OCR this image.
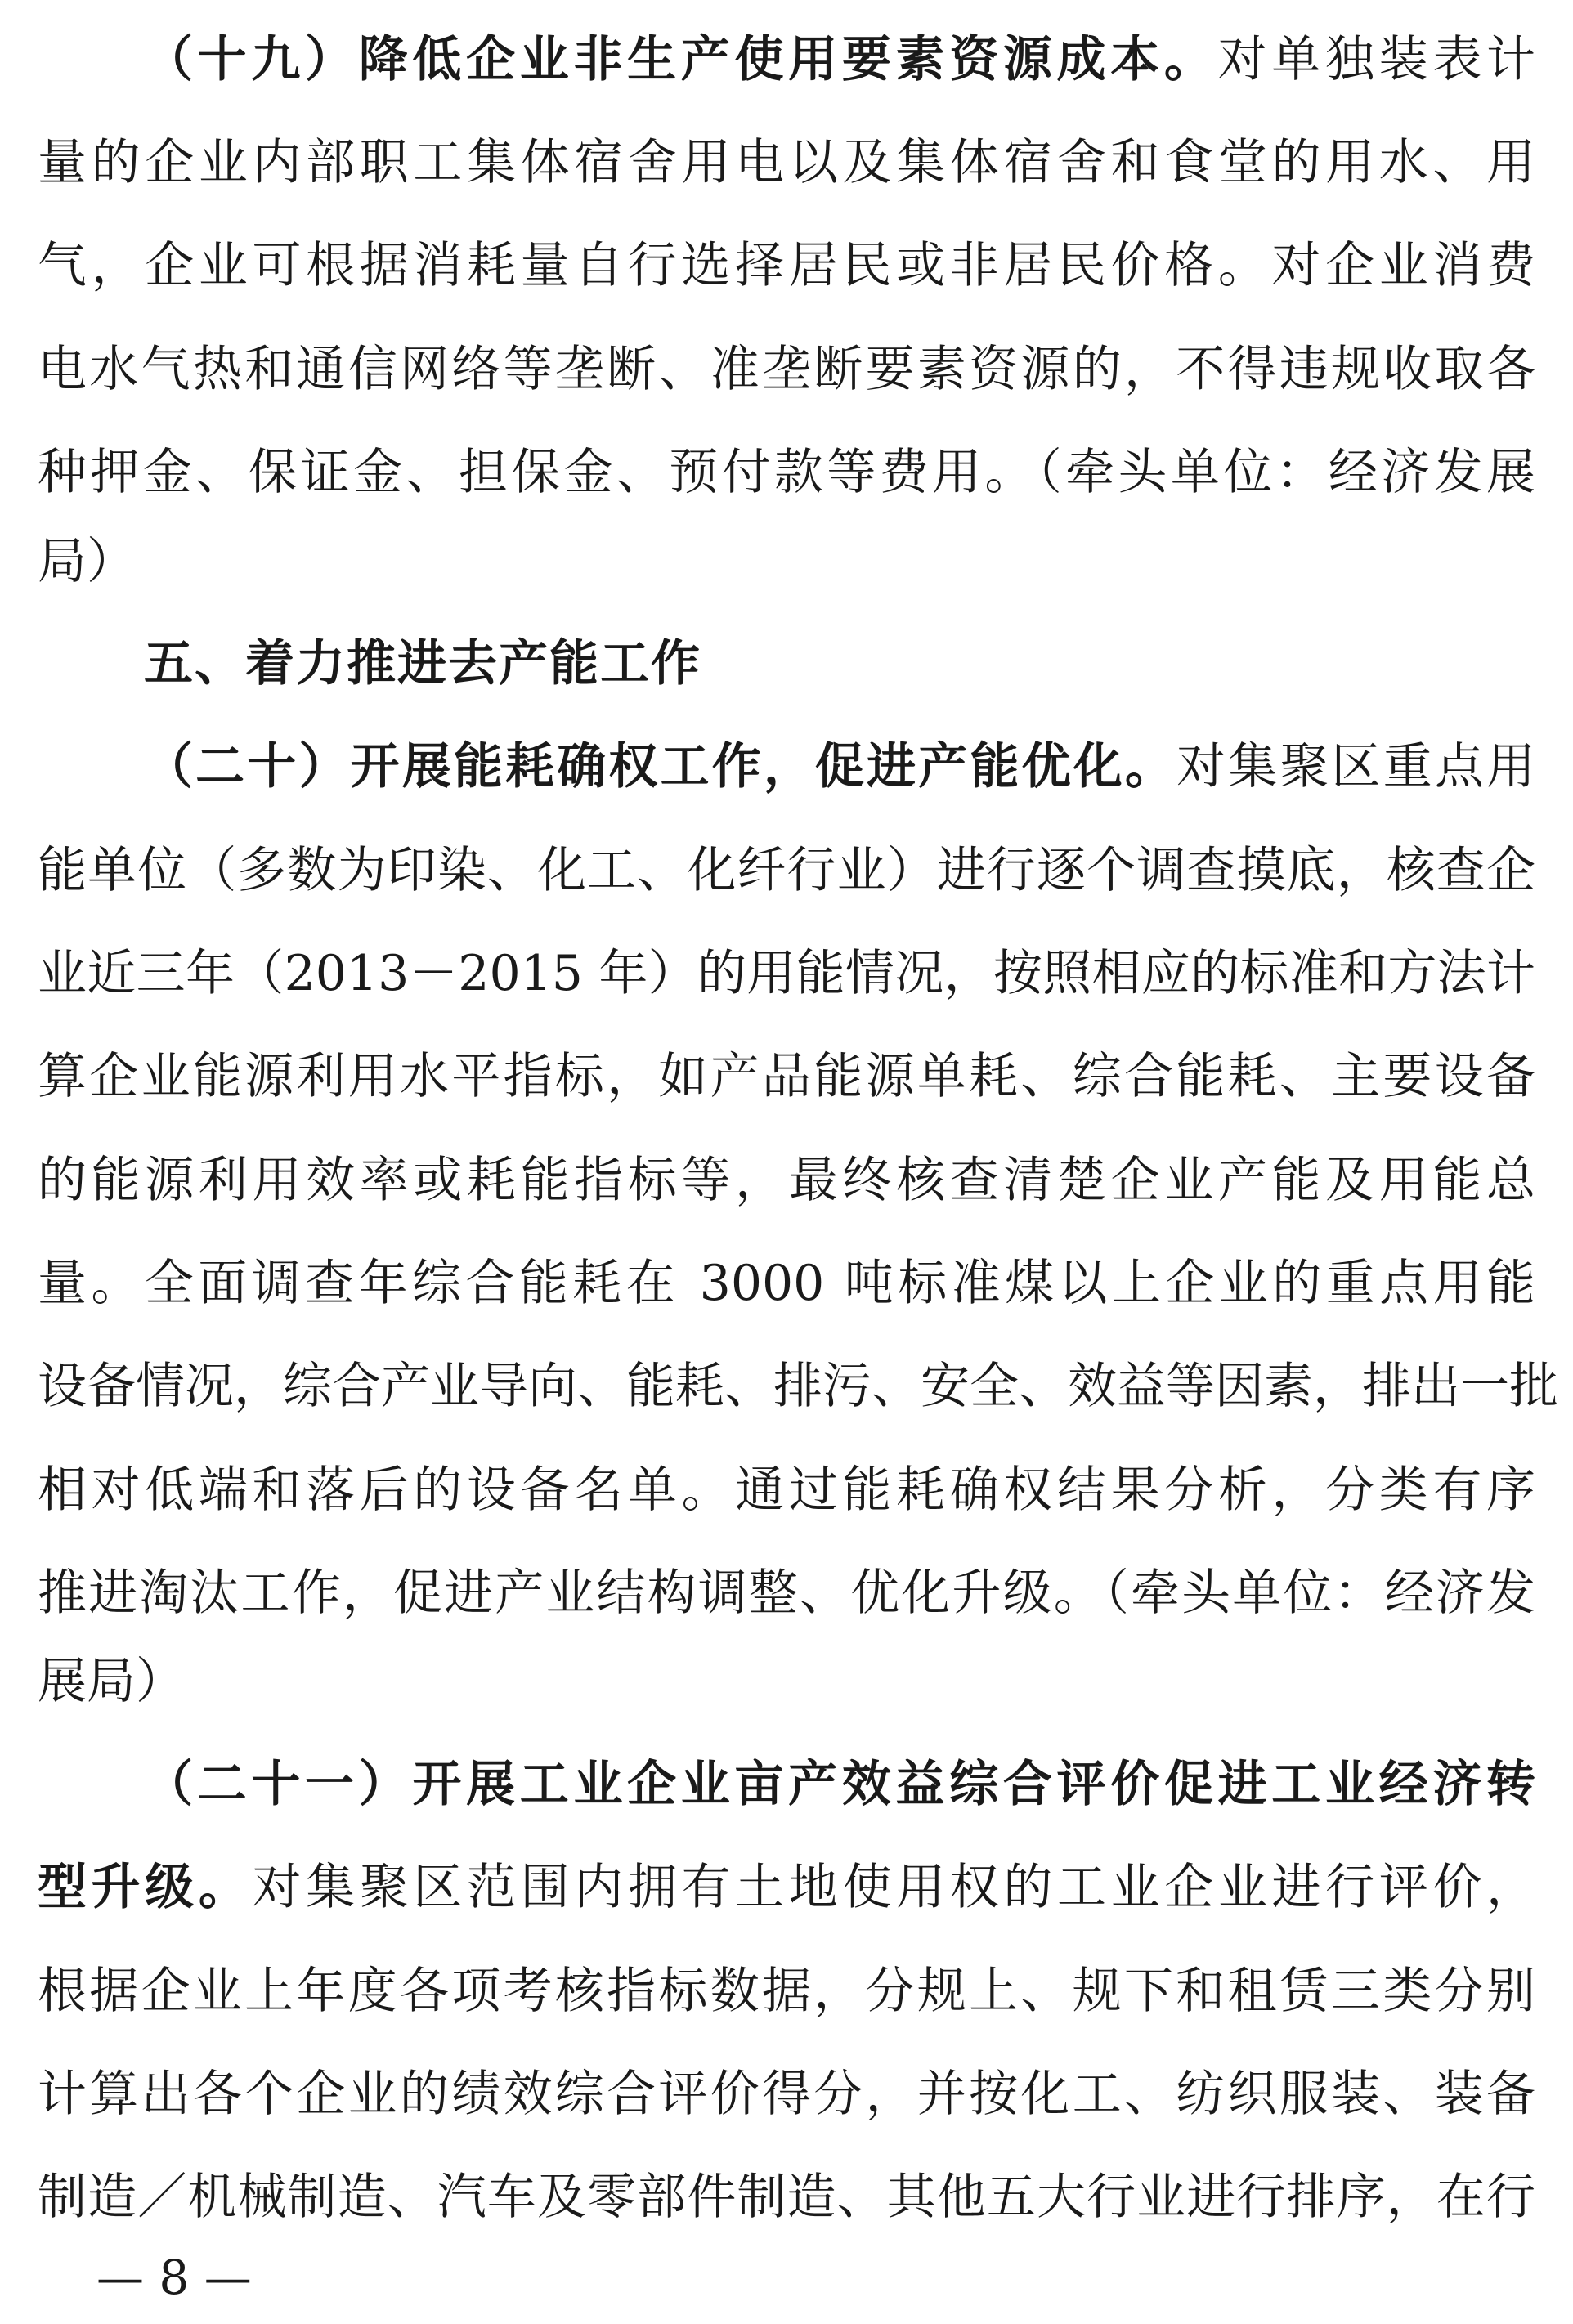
（十九）降低企业非生产使用要素资源成本。对单独装表计
量的企业内部职工集体宿舍用电以及集体宿舍和食堂的用水、用
气，企业可根据消耗量自行选择居民或非居民价格。对企业消费
电水气热和通信网络等垄断、准垄断要素资源的，不得违规收取各
种押金、保证金、担保金、预付款等费用。（牵头单位：经济发展
局）
五、着力推进去产能工作
（二十）开展能耗确权工作，促进产能优化。对集聚区重点用
能单位（多数为印染、化工、化纤行业）进行逐个调查摸底，核查企
业近三年（2013－2015 年）的用能情况，按照相应的标准和方法计
算企业能源利用水平指标，如产品能源单耗、综合能耗、主要设备
的能源利用效率或耗能指标等，最终核查清楚企业产能及用能总
量。全面调查年综合能耗在 3000 吨标准煤以上企业的重点用能
设备情况，综合产业导向、能耗、排污、安全、效益等因素，排出一批
相对低端和落后的设备名单。通过能耗确权结果分析，分类有序
推进淘汰工作，促进产业结构调整、优化升级。（牵头单位：经济发
展局）
（二十一）开展工业企业亩产效益综合评价促进工业经济转
型升级。对集聚区范围内拥有土地使用权的工业企业进行评价，
根据企业上年度各项考核指标数据，分规上、规下和租赁三类分别
计算出各个企业的绩效综合评价得分，并按化工、纺织服装、装备
制造／机械制造、汽车及零部件制造、其他五大行业进行排序，在行
— 8 —
